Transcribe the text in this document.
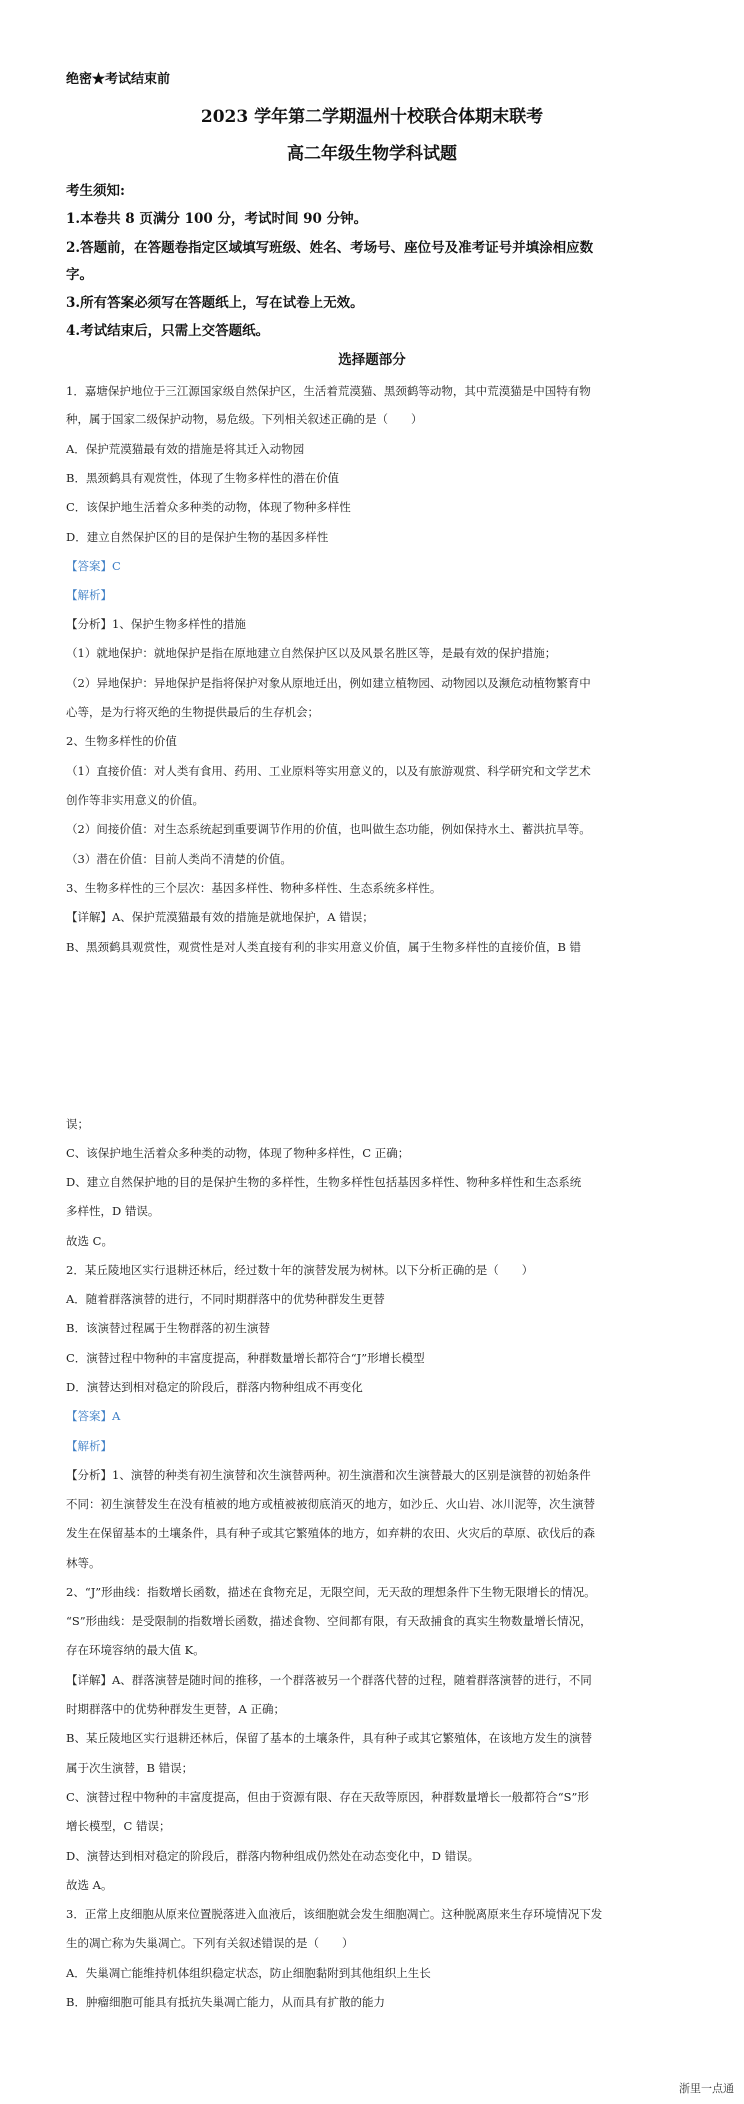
绝密★考试结束前
2023 学年第二学期温州十校联合体期末联考
高二年级生物学科试题
考生须知:
1.本卷共 8 页满分 100 分，考试时间 90 分钟。
2.答题前，在答题卷指定区域填写班级、姓名、考场号、座位号及准考证号并填涂相应数
字。
3.所有答案必须写在答题纸上，写在试卷上无效。
4.考试结束后，只需上交答题纸。
选择题部分
1．嘉塘保护地位于三江源国家级自然保护区，生活着荒漠猫、黑颈鹤等动物，其中荒漠猫是中国特有物
种，属于国家二级保护动物，易危级。下列相关叙述正确的是（　　）
A．保护荒漠猫最有效的措施是将其迁入动物园
B．黑颈鹤具有观赏性，体现了生物多样性的潜在价值
C．该保护地生活着众多种类的动物，体现了物种多样性
D．建立自然保护区的目的是保护生物的基因多样性
【答案】C
【解析】
【分析】1、保护生物多样性的措施
（1）就地保护：就地保护是指在原地建立自然保护区以及风景名胜区等，是最有效的保护措施；
（2）异地保护：异地保护是指将保护对象从原地迁出，例如建立植物园、动物园以及濒危动植物繁育中
心等，是为行将灭绝的生物提供最后的生存机会；
2、生物多样性的价值
（1）直接价值：对人类有食用、药用、工业原料等实用意义的，以及有旅游观赏、科学研究和文学艺术
创作等非实用意义的价值。
（2）间接价值：对生态系统起到重要调节作用的价值，也叫做生态功能，例如保持水土、蓄洪抗旱等。
（3）潜在价值：目前人类尚不清楚的价值。
3、生物多样性的三个层次：基因多样性、物种多样性、生态系统多样性。
【详解】A、保护荒漠猫最有效的措施是就地保护，A 错误；
B、黑颈鹤具观赏性，观赏性是对人类直接有利的非实用意义价值，属于生物多样性的直接价值，B 错
误；
C、该保护地生活着众多种类的动物，体现了物种多样性，C 正确；
D、建立自然保护地的目的是保护生物的多样性，生物多样性包括基因多样性、物种多样性和生态系统
多样性，D 错误。
故选 C。
2．某丘陵地区实行退耕还林后，经过数十年的演替发展为树林。以下分析正确的是（　　）
A．随着群落演替的进行，不同时期群落中的优势种群发生更替
B．该演替过程属于生物群落的初生演替
C．演替过程中物种的丰富度提高，种群数量增长都符合“J”形增长模型
D．演替达到相对稳定的阶段后，群落内物种组成不再变化
【答案】A
【解析】
【分析】1、演替的种类有初生演替和次生演替两种。初生演潜和次生演替最大的区别是演替的初始条件
不同：初生演替发生在没有植被的地方或植被被彻底消灭的地方，如沙丘、火山岩、冰川泥等，次生演替
发生在保留基本的土壤条件，具有种子或其它繁殖体的地方，如弃耕的农田、火灾后的草原、砍伐后的森
林等。
2、“J”形曲线：指数增长函数，描述在食物充足，无限空间，无天敌的理想条件下生物无限增长的情况。
“S”形曲线：是受限制的指数增长函数，描述食物、空间都有限，有天敌捕食的真实生物数量增长情况，
存在环境容纳的最大值 K。
【详解】A、群落演替是随时间的推移，一个群落被另一个群落代替的过程，随着群落演替的进行，不同
时期群落中的优势种群发生更替，A 正确；
B、某丘陵地区实行退耕还林后，保留了基本的土壤条件，具有种子或其它繁殖体，在该地方发生的演替
属于次生演替，B 错误；
C、演替过程中物种的丰富度提高，但由于资源有限、存在天敌等原因，种群数量增长一般都符合“S”形
增长模型，C 错误；
D、演替达到相对稳定的阶段后，群落内物种组成仍然处在动态变化中，D 错误。
故选 A。
3．正常上皮细胞从原来位置脱落进入血液后，该细胞就会发生细胞凋亡。这种脱离原来生存环境情况下发
生的凋亡称为失巢凋亡。下列有关叙述错误的是（　　）
A．失巢凋亡能维持机体组织稳定状态，防止细胞黏附到其他组织上生长
B．肿瘤细胞可能具有抵抗失巢凋亡能力，从而具有扩散的能力
浙里一点通
